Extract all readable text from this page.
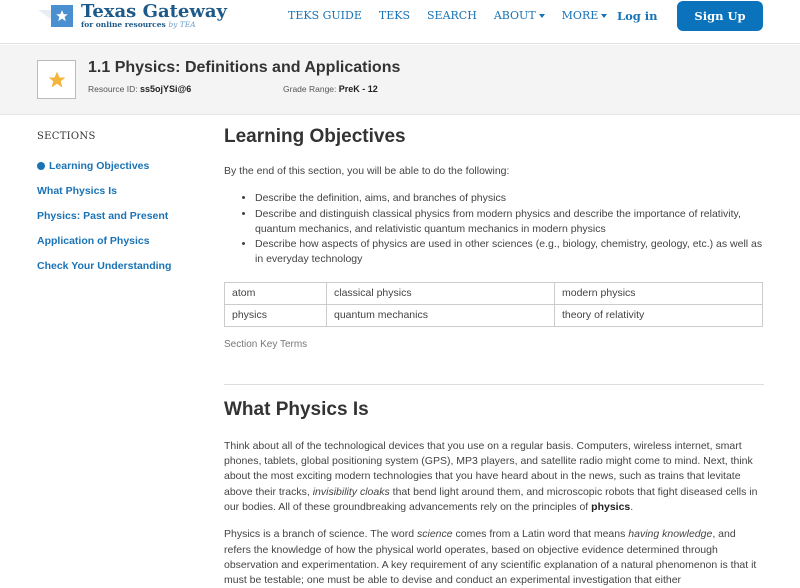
Texas Gateway
for online resources by TEA
TEKS GUIDE TEKS SEARCH ABOUT MORE Log in	Sign Up
1.1 Physics: Definitions and Applications
Resource ID: ss5ojYSi@6	Grade Range: PreK - 12
SECTIONS
Learning Objectives
What Physics Is
Physics: Past and Present
Application of Physics
Check Your Understanding
Learning Objectives

By the end of this section, you will be able to do the following:

• Describe the definition, aims, and branches of physics
• Describe and distinguish classical physics from modern physics and describe the importance of relativity, quantum mechanics, and relativistic quantum mechanics in modern physics
• Describe how aspects of physics are used in other sciences (e.g., biology, chemistry, geology, etc.) as well as in everyday technology
atom	classical physics	modern physics
physics	quantum mechanics	theory of relativity
Section Key Terms
What Physics Is

Think about all of the technological devices that you use on a regular basis. Computers, wireless internet, smart phones, tablets, global positioning system (GPS), MP3 players, and satellite radio might come to mind. Next, think about the most exciting modern technologies that you have heard about in the news, such as trains that levitate above their tracks, invisibility cloaks that bend light around them, and microscopic robots that fight diseased cells in our bodies. All of these groundbreaking advancements rely on the principles of physics.

Physics is a branch of science. The word science comes from a Latin word that means having knowledge, and refers the knowledge of how the physical world operates, based on objective evidence determined through observation and experimentation. A key requirement of any scientific explanation of a natural phenomenon is that it must be testable; one must be able to devise and conduct an experimental investigation that either
